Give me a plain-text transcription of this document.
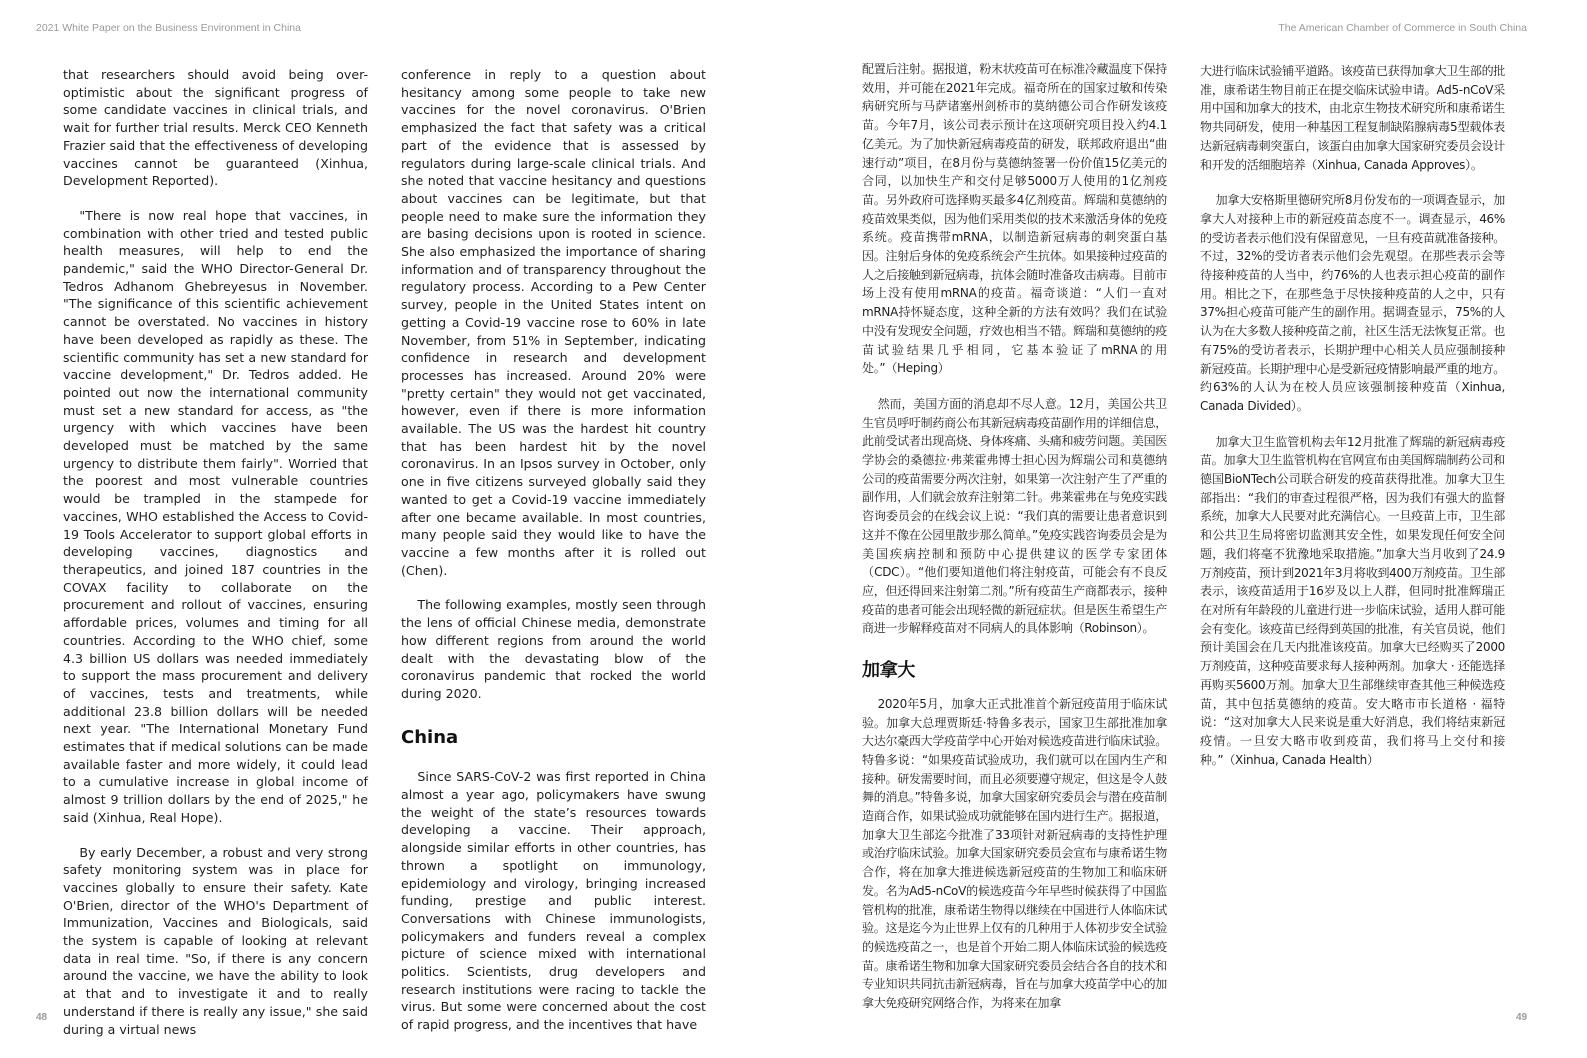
2021 White Paper on the Business Environment in China	The American Chamber of Commerce in South China

that researchers should avoid being over-optimistic about the significant progress of some candidate vaccines in clinical trials, and wait for further trial results. Merck CEO Kenneth Frazier said that the effectiveness of developing vaccines cannot be guaranteed (Xinhua, Development Reported).

"There is now real hope that vaccines, in combination with other tried and tested public health measures, will help to end the pandemic," said the WHO Director-General Dr. Tedros Adhanom Ghebreyesus in November. "The significance of this scientific achievement cannot be overstated. No vaccines in history have been developed as rapidly as these. The scientific community has set a new standard for vaccine development," Dr. Tedros added. He pointed out now the international community must set a new standard for access, as "the urgency with which vaccines have been developed must be matched by the same urgency to distribute them fairly". Worried that the poorest and most vulnerable countries would be trampled in the stampede for vaccines, WHO established the Access to Covid-19 Tools Accelerator to support global efforts in developing vaccines, diagnostics and therapeutics, and joined 187 countries in the COVAX facility to collaborate on the procurement and rollout of vaccines, ensuring affordable prices, volumes and timing for all countries. According to the WHO chief, some 4.3 billion US dollars was needed immediately to support the mass procurement and delivery of vaccines, tests and treatments, while additional 23.8 billion dollars will be needed next year. "The International Monetary Fund estimates that if medical solutions can be made available faster and more widely, it could lead to a cumulative increase in global income of almost 9 trillion dollars by the end of 2025," he said (Xinhua, Real Hope).

By early December, a robust and very strong safety monitoring system was in place for vaccines globally to ensure their safety. Kate O'Brien, director of the WHO's Department of Immunization, Vaccines and Biologicals, said the system is capable of looking at relevant data in real time. "So, if there is any concern around the vaccine, we have the ability to look at that and to investigate it and to really understand if there is really any issue," she said during a virtual news

conference in reply to a question about hesitancy among some people to take new vaccines for the novel coronavirus. O'Brien emphasized the fact that safety was a critical part of the evidence that is assessed by regulators during large-scale clinical trials. And she noted that vaccine hesitancy and questions about vaccines can be legitimate, but that people need to make sure the information they are basing decisions upon is rooted in science. She also emphasized the importance of sharing information and of transparency throughout the regulatory process. According to a Pew Center survey, people in the United States intent on getting a Covid-19 vaccine rose to 60% in late November, from 51% in September, indicating confidence in research and development processes has increased. Around 20% were "pretty certain" they would not get vaccinated, however, even if there is more information available. The US was the hardest hit country that has been hardest hit by the novel coronavirus. In an Ipsos survey in October, only one in five citizens surveyed globally said they wanted to get a Covid-19 vaccine immediately after one became available. In most countries, many people said they would like to have the vaccine a few months after it is rolled out (Chen).

The following examples, mostly seen through the lens of official Chinese media, demonstrate how different regions from around the world dealt with the devastating blow of the coronavirus pandemic that rocked the world during 2020.

China

Since SARS-CoV-2 was first reported in China almost a year ago, policymakers have swung the weight of the state’s resources towards developing a vaccine. Their approach, alongside similar efforts in other countries, has thrown a spotlight on immunology, epidemiology and virology, bringing increased funding, prestige and public interest. Conversations with Chinese immunologists, policymakers and funders reveal a complex picture of science mixed with international politics. Scientists, drug developers and research institutions were racing to tackle the virus. But some were concerned about the cost of rapid progress, and the incentives that have

配置后注射。据报道，粉末状疫苗可在标准冷藏温度下保持效用，并可能在2021年完成。福奇所在的国家过敏和传染病研究所与马萨诸塞州剑桥市的莫纳德公司合作研发该疫苗。今年7月，该公司表示预计在这项研究项目投入约4.1亿美元。为了加快新冠病毒疫苗的研发，联邦政府退出“曲速行动”项目，在8月份与莫德纳签署一份价值15亿美元的合同，以加快生产和交付足够5000万人使用的1亿剂疫苗。另外政府可选择购买最多4亿剂疫苗。辉瑞和莫德纳的疫苗效果类似，因为他们采用类似的技术来激活身体的免疫系统。疫苗携带mRNA，以制造新冠病毒的刺突蛋白基因。注射后身体的免疫系统会产生抗体。如果接种过疫苗的人之后接触到新冠病毒，抗体会随时准备攻击病毒。目前市场上没有使用mRNA的疫苗。福奇谈道：“人们一直对mRNA持怀疑态度，这种全新的方法有效吗？我们在试验中没有发现安全问题，疗效也相当不错。辉瑞和莫德纳的疫苗试验结果几乎相同，它基本验证了mRNA的用处。”（Heping）

然而，美国方面的消息却不尽人意。12月，美国公共卫生官员呼吁制药商公布其新冠病毒疫苗副作用的详细信息，此前受试者出现高烧、身体疼痛、头痛和疲劳问题。美国医学协会的桑德拉·弗莱霍弗博士担心因为辉瑞公司和莫德纳公司的疫苗需要分两次注射，如果第一次注射产生了严重的副作用，人们就会放弃注射第二针。弗莱霍弗在与免疫实践咨询委员会的在线会议上说：“我们真的需要让患者意识到这并不像在公园里散步那么简单。”免疫实践咨询委员会是为美国疾病控制和预防中心提供建议的医学专家团体（CDC）。“他们要知道他们将注射疫苗，可能会有不良反应，但还得回来注射第二剂。”所有疫苗生产商都表示，接种疫苗的患者可能会出现轻微的新冠症状。但是医生希望生产商进一步解释疫苗对不同病人的具体影响（Robinson）。

加拿大

2020年5月，加拿大正式批准首个新冠疫苗用于临床试验。加拿大总理贾斯廷·特鲁多表示，国家卫生部批准加拿大达尔豪西大学疫苗学中心开始对候选疫苗进行临床试验。特鲁多说：“如果疫苗试验成功，我们就可以在国内生产和接种。研发需要时间，而且必须要遵守规定，但这是令人鼓舞的消息。”特鲁多说，加拿大国家研究委员会与潜在疫苗制造商合作，如果试验成功就能够在国内进行生产。据报道，加拿大卫生部迄今批准了33项针对新冠病毒的支持性护理或治疗临床试验。加拿大国家研究委员会宣布与康希诺生物合作，将在加拿大推进候选新冠疫苗的生物加工和临床研发。名为Ad5-nCoV的候选疫苗今年早些时候获得了中国监管机构的批准，康希诺生物得以继续在中国进行人体临床试验。这是迄今为止世界上仅有的几种用于人体初步安全试验的候选疫苗之一，也是首个开始二期人体临床试验的候选疫苗。康希诺生物和加拿大国家研究委员会结合各自的技术和专业知识共同抗击新冠病毒，旨在与加拿大疫苗学中心的加拿大免疫研究网络合作，为将来在加拿

大进行临床试验铺平道路。该疫苗已获得加拿大卫生部的批准，康希诺生物目前正在提交临床试验申请。Ad5-nCoV采用中国和加拿大的技术，由北京生物技术研究所和康希诺生物共同研发，使用一种基因工程复制缺陷腺病毒5型载体表达新冠病毒刺突蛋白，该蛋白由加拿大国家研究委员会设计和开发的活细胞培养（Xinhua, Canada Approves）。

加拿大安格斯里德研究所8月份发布的一项调查显示，加拿大人对接种上市的新冠疫苗态度不一。调查显示，46%的受访者表示他们没有保留意见，一旦有疫苗就准备接种。不过，32%的受访者表示他们会先观望。在那些表示会等待接种疫苗的人当中，约76%的人也表示担心疫苗的副作用。相比之下，在那些急于尽快接种疫苗的人之中，只有37%担心疫苗可能产生的副作用。据调查显示，75%的人认为在大多数人接种疫苗之前，社区生活无法恢复正常。也有75%的受访者表示，长期护理中心相关人员应强制接种新冠疫苗。长期护理中心是受新冠疫情影响最严重的地方。约63%的人认为在校人员应该强制接种疫苗（Xinhua, Canada Divided）。

加拿大卫生监管机构去年12月批准了辉瑞的新冠病毒疫苗。加拿大卫生监管机构在官网宣布由美国辉瑞制药公司和德国BioNTech公司联合研发的疫苗获得批准。加拿大卫生部指出：“我们的审查过程很严格，因为我们有强大的监督系统，加拿大人民要对此充满信心。一旦疫苗上市，卫生部和公共卫生局将密切监测其安全性，如果发现任何安全问题，我们将毫不犹豫地采取措施。”加拿大当月收到了24.9万剂疫苗，预计到2021年3月将收到400万剂疫苗。卫生部表示，该疫苗适用于16岁及以上人群，但同时批准辉瑞正在对所有年龄段的儿童进行进一步临床试验，适用人群可能会有变化。该疫苗已经得到英国的批准，有关官员说，他们预计美国会在几天内批准该疫苗。加拿大已经购买了2000万剂疫苗，这种疫苗要求每人接种两剂。加拿大 · 还能选择再购买5600万剂。加拿大卫生部继续审查其他三种候选疫苗，其中包括莫德纳的疫苗。安大略市市长道格 · 福特说：“这对加拿大人民来说是重大好消息，我们将结束新冠疫情。一旦安大略市收到疫苗，我们将马上交付和接种。”（Xinhua, Canada Health）

48	49
